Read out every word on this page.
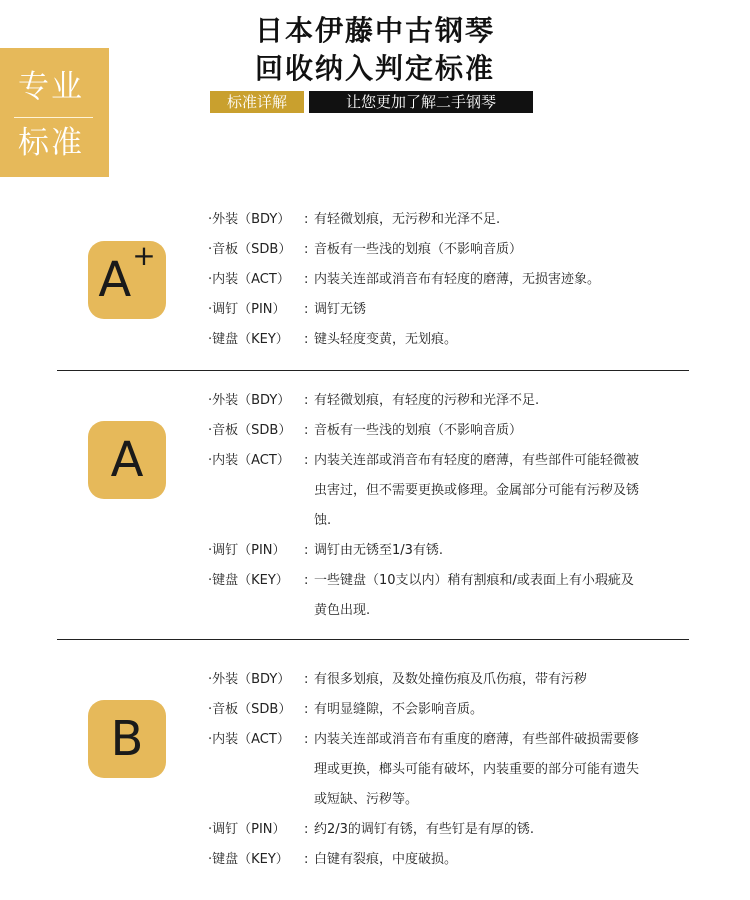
专业
标准
日本伊藤中古钢琴
回收纳入判定标准
标准详解	让您更加了解二手钢琴
A+
·外装（BDY）	: 有轻微划痕，无污秽和光泽不足.
·音板（SDB） : 音板有一些浅的划痕（不影响音质）
·内装（ACT）	: 内装关连部或消音布有轻度的磨薄，无损害迹象。
·调钉（PIN）	: 调钉无锈
·键盘（KEY）	: 键头轻度变黄，无划痕。
A
·外装（BDY）	: 有轻微划痕，有轻度的污秽和光泽不足.
·音板（SDB） : 音板有一些浅的划痕（不影响音质）
·内装（ACT）	: 内装关连部或消音布有轻度的磨薄，有些部件可能轻微被虫害过，但不需要更换或修理。金属部分可能有污秽及锈蚀.
·调钉（PIN）	: 调钉由无锈至1/3有锈.
·键盘（KEY）	: 一些键盘（10支以内）稍有割痕和/或表面上有小瑕疵及黄色出现.
B
·外装（BDY）	: 有很多划痕，及数处撞伤痕及爪伤痕，带有污秽
·音板（SDB） : 有明显缝隙，不会影响音质。
·内装（ACT）	: 内装关连部或消音布有重度的磨薄，有些部件破损需要修理或更换，榔头可能有破坏，内装重要的部分可能有遗失或短缺、污秽等。
·调钉（PIN）	: 约2/3的调钉有锈，有些钉是有厚的锈.
·键盘（KEY）	: 白键有裂痕，中度破损。
